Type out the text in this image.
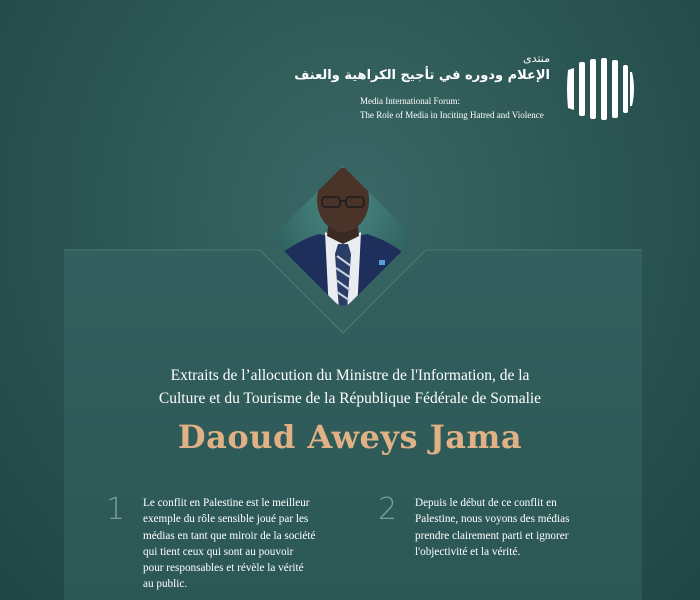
منتدى
الإعلام ودوره في تأجيج الكراهية والعنف
Media International Forum:
The Role of Media in Inciting Hatred and Violence
Extraits de l’allocution du Ministre de l'Information, de la
Culture et du Tourisme de la République Fédérale de Somalie
Daoud Aweys Jama
1 Le conflit en Palestine est le meilleur
exemple du rôle sensible joué par les
médias en tant que miroir de la société
qui tient ceux qui sont au pouvoir
pour responsables et révèle la vérité
au public.
2 Depuis le début de ce conflit en
Palestine, nous voyons des médias
prendre clairement parti et ignorer
l'objectivité et la vérité.
